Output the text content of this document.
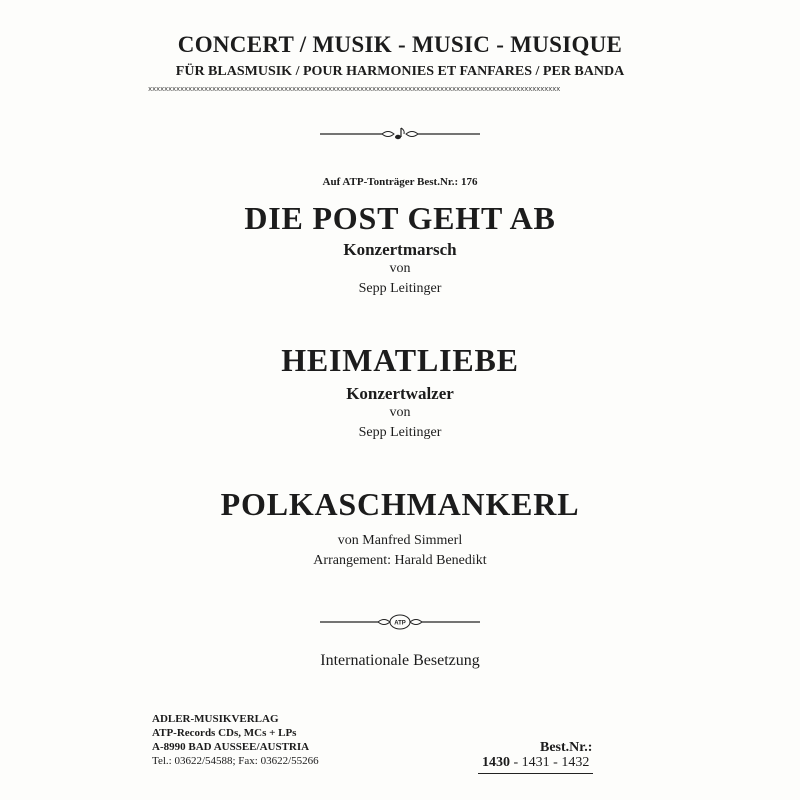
CONCERT / MUSIK - MUSIC - MUSIQUE
FÜR BLASMUSIK / POUR HARMONIES ET FANFARES / PER BANDA
xxxxxxxxxxxxxxxxxxxxxxxxxxxxxxxxxxxxxxxxxxxxxxxxxxxxxxxxxxxxxxxxxxxxxxxxxxxxxxxxxxxxxxxxxxxxxxxxxxxxxxx
Auf ATP-Tonträger Best.Nr.: 176
DIE POST GEHT AB
Konzertmarsch
von
Sepp Leitinger
HEIMATLIEBE
Konzertwalzer
von
Sepp Leitinger
POLKASCHMANKERL
von Manfred Simmerl
Arrangement: Harald Benedikt
ATP
Internationale Besetzung
ADLER-MUSIKVERLAG
ATP-Records CDs, MCs + LPs
A-8990 BAD AUSSEE/AUSTRIA
Tel.: 03622/54588; Fax: 03622/55266
Best.Nr.:
1430 - 1431 - 1432
